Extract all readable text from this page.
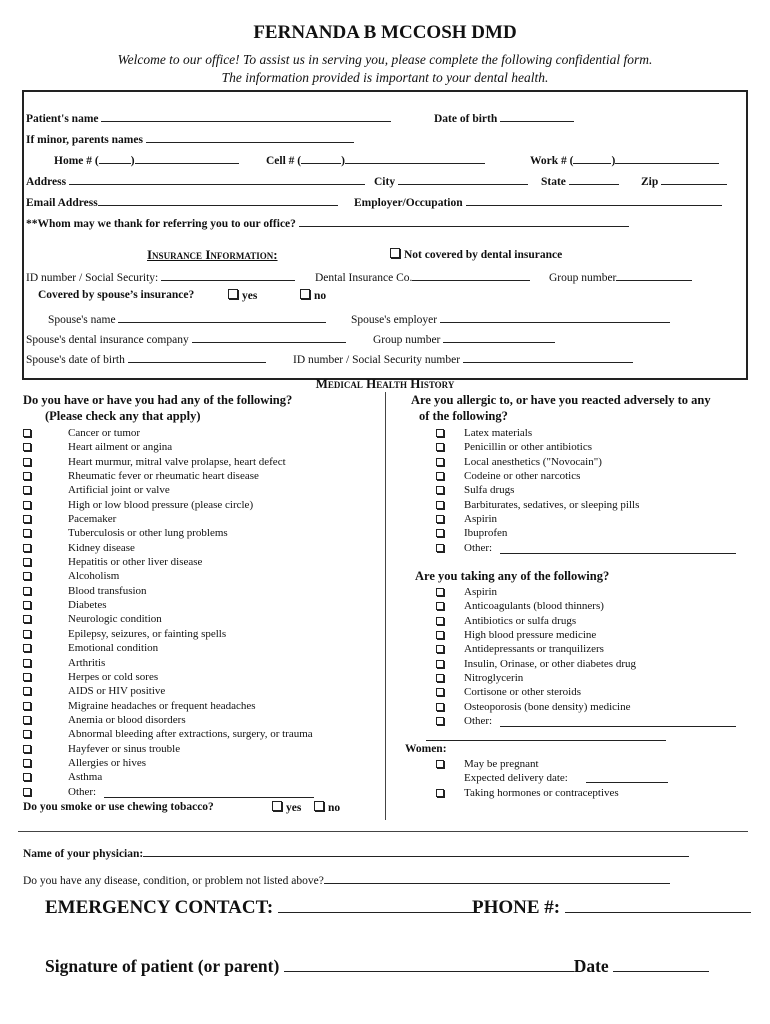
FERNANDA B MCCOSH DMD
Welcome to our office! To assist us in serving you, please complete the following confidential form.
The information provided is important to your dental health.
Patient's name	Date of birth
If minor, parents names
Home # (	)	Cell # (	)	Work # (	)
Address	City	State	Zip
Email Address	Employer/Occupation
**Whom may we thank for referring you to our office?
Insurance Information:	Not covered by dental insurance
ID number / Social Security:	Dental Insurance Co.	Group number
Covered by spouse’s insurance?	yes	no
Spouse's name	Spouse's employer
Spouse's dental insurance company	Group number
Spouse's date of birth	ID number / Social Security number
Medical Health History
Do you have or have you had any of the following?
(Please check any that apply)
Cancer or tumor
Heart ailment or angina
Heart murmur, mitral valve prolapse, heart defect
Rheumatic fever or rheumatic heart disease
Artificial joint or valve
High or low blood pressure (please circle)
Pacemaker
Tuberculosis or other lung problems
Kidney disease
Hepatitis or other liver disease
Alcoholism
Blood transfusion
Diabetes
Neurologic condition
Epilepsy, seizures, or fainting spells
Emotional condition
Arthritis
Herpes or cold sores
AIDS or HIV positive
Migraine headaches or frequent headaches
Anemia or blood disorders
Abnormal bleeding after extractions, surgery, or trauma
Hayfever or sinus trouble
Allergies or hives
Asthma
Other:
Do you smoke or use chewing tobacco?	yes	no
Are you allergic to, or have you reacted adversely to any
of the following?
Latex materials
Penicillin or other antibiotics
Local anesthetics ("Novocain")
Codeine or other narcotics
Sulfa drugs
Barbiturates, sedatives, or sleeping pills
Aspirin
Ibuprofen
Other:
Are you taking any of the following?
Aspirin
Anticoagulants (blood thinners)
Antibiotics or sulfa drugs
High blood pressure medicine
Antidepressants or tranquilizers
Insulin, Orinase, or other diabetes drug
Nitroglycerin
Cortisone or other steroids
Osteoporosis (bone density) medicine
Other:
Women:
May be pregnant
Expected delivery date:
Taking hormones or contraceptives
Name of your physician:
Do you have any disease, condition, or problem not listed above?
EMERGENCY CONTACT:	PHONE #:
Signature of patient (or parent)	Date
